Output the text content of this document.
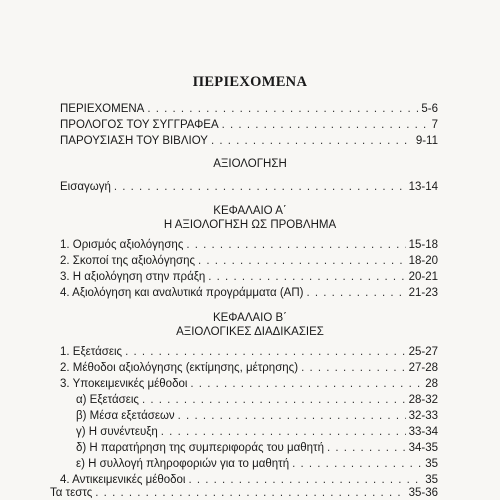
ΠΕΡΙΕΧΟΜΕΝΑ
ΠΕΡΙΕΧΟΜΕΝΑ . . .	5-6
ΠΡΟΛΟΓΟΣ ΤΟΥ ΣΥΓΓΡΑΦΕΑ . . .	7
ΠΑΡΟΥΣΙΑΣΗ ΤΟΥ ΒΙΒΛΙΟΥ . . .	9-11
ΑΞΙΟΛΟΓΗΣΗ
Εισαγωγή . . .	13-14
ΚΕΦΑΛΑΙΟ Α΄
Η ΑΞΙΟΛΟΓΗΣΗ ΩΣ ΠΡΟΒΛΗΜΑ
1. Ορισμός αξιολόγησης . . .	15-18
2. Σκοποί της αξιολόγησης . . .	18-20
3. Η αξιολόγηση στην πράξη . . .	20-21
4. Αξιολόγηση και αναλυτικά προγράμματα (ΑΠ) . . .	21-23
ΚΕΦΑΛΑΙΟ Β΄
ΑΞΙΟΛΟΓΙΚΕΣ ΔΙΑΔΙΚΑΣΙΕΣ
1. Εξετάσεις . . .	25-27
2. Μέθοδοι αξιολόγησης (εκτίμησης, μέτρησης) . . .	27-28
3. Υποκειμενικές μέθοδοι . . .	28
α) Εξετάσεις . . .	28-32
β) Μέσα εξετάσεων . . .	32-33
γ) Η συνέντευξη . . .	33-34
δ) Η παρατήρηση της συμπεριφοράς του μαθητή . . .	34-35
ε) Η συλλογή πληροφοριών για το μαθητή . . .	35
4. Αντικειμενικές μέθοδοι . . .	35
Τα τεστς . . .	35-36
